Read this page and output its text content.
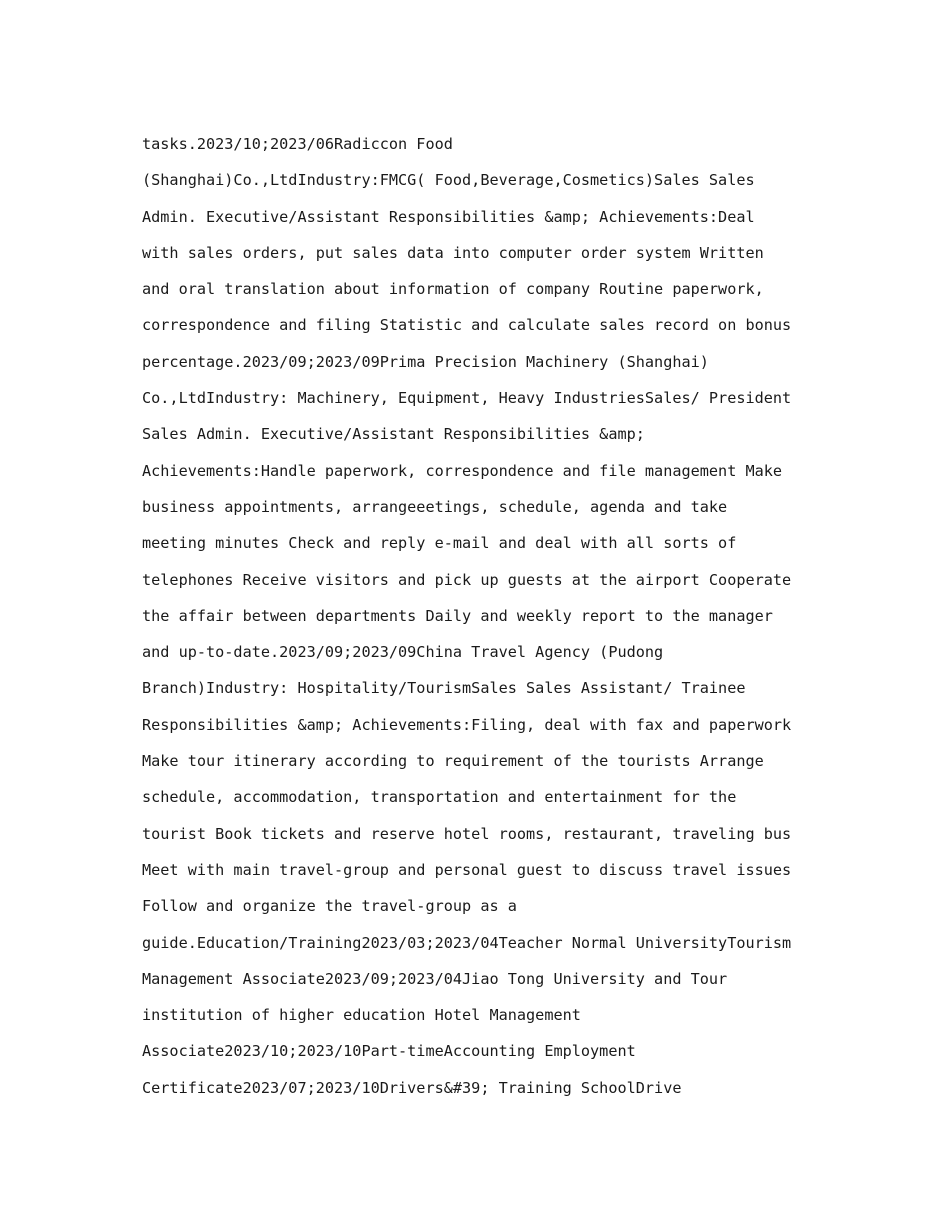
tasks.2023/10;2023/06Radiccon Food
(Shanghai)Co.,LtdIndustry:FMCG( Food,Beverage,Cosmetics)Sales Sales
Admin. Executive/Assistant Responsibilities &amp; Achievements:Deal
with sales orders, put sales data into computer order system Written
and oral translation about information of company Routine paperwork,
correspondence and filing Statistic and calculate sales record on bonus
percentage.2023/09;2023/09Prima Precision Machinery (Shanghai)
Co.,LtdIndustry: Machinery, Equipment, Heavy IndustriesSales/ President
Sales Admin. Executive/Assistant Responsibilities &amp;
Achievements:Handle paperwork, correspondence and file management Make
business appointments, arrangeeetings, schedule, agenda and take
meeting minutes Check and reply e-mail and deal with all sorts of
telephones Receive visitors and pick up guests at the airport Cooperate
the affair between departments Daily and weekly report to the manager
and up-to-date.2023/09;2023/09China Travel Agency (Pudong
Branch)Industry: Hospitality/TourismSales Sales Assistant/ Trainee
Responsibilities &amp; Achievements:Filing, deal with fax and paperwork
Make tour itinerary according to requirement of the tourists Arrange
schedule, accommodation, transportation and entertainment for the
tourist Book tickets and reserve hotel rooms, restaurant, traveling bus
Meet with main travel-group and personal guest to discuss travel issues
Follow and organize the travel-group as a
guide.Education/Training2023/03;2023/04Teacher Normal UniversityTourism
Management Associate2023/09;2023/04Jiao Tong University and Tour
institution of higher education Hotel Management
Associate2023/10;2023/10Part-timeAccounting Employment
Certificate2023/07;2023/10Drivers&#39; Training SchoolDrive
